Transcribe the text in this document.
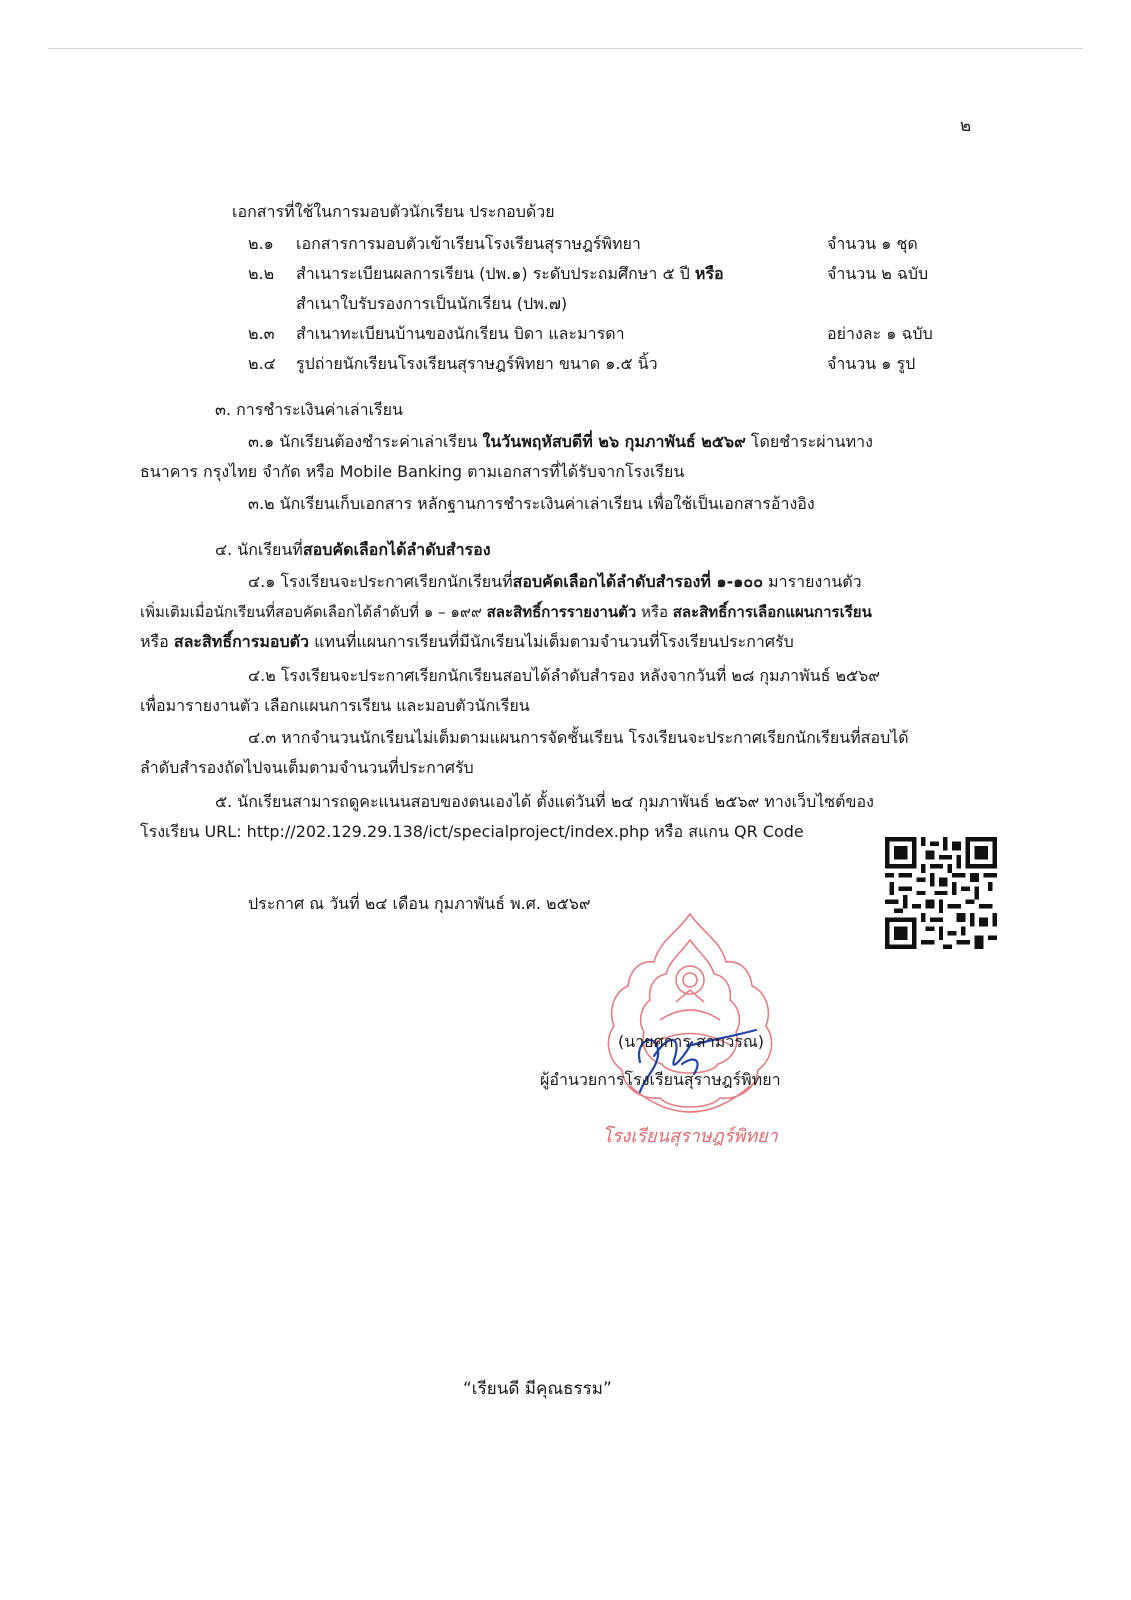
๒
เอกสารที่ใช้ในการมอบตัวนักเรียน ประกอบด้วย
๒.๑ เอกสารการมอบตัวเข้าเรียนโรงเรียนสุราษฎร์พิทยา	จำนวน ๑ ชุด
๒.๒ สำเนาระเบียนผลการเรียน (ปพ.๑) ระดับประถมศึกษา ๕ ปี หรือ	จำนวน ๒ ฉบับ
สำเนาใบรับรองการเป็นนักเรียน (ปพ.๗)
๒.๓ สำเนาทะเบียนบ้านของนักเรียน บิดา และมารดา	อย่างละ ๑ ฉบับ
๒.๔ รูปถ่ายนักเรียนโรงเรียนสุราษฎร์พิทยา ขนาด ๑.๕ นิ้ว	จำนวน ๑ รูป
๓. การชำระเงินค่าเล่าเรียน
๓.๑ นักเรียนต้องชำระค่าเล่าเรียน ในวันพฤหัสบดีที่ ๒๖ กุมภาพันธ์ ๒๕๖๙ โดยชำระผ่านทาง
ธนาคาร กรุงไทย จำกัด หรือ Mobile Banking ตามเอกสารที่ได้รับจากโรงเรียน
๓.๒ นักเรียนเก็บเอกสาร หลักฐานการชำระเงินค่าเล่าเรียน เพื่อใช้เป็นเอกสารอ้างอิง
๔. นักเรียนที่สอบคัดเลือกได้ลำดับสำรอง
๔.๑ โรงเรียนจะประกาศเรียกนักเรียนที่สอบคัดเลือกได้ลำดับสำรองที่ ๑-๑๐๐ มารายงานตัว
เพิ่มเติมเมื่อนักเรียนที่สอบคัดเลือกได้ลำดับที่ ๑ – ๑๙๙ สละสิทธิ์การรายงานตัว หรือ สละสิทธิ์การเลือกแผนการเรียน
หรือ สละสิทธิ์การมอบตัว แทนที่แผนการเรียนที่มีนักเรียนไม่เต็มตามจำนวนที่โรงเรียนประกาศรับ
๔.๒ โรงเรียนจะประกาศเรียกนักเรียนสอบได้ลำดับสำรอง หลังจากวันที่ ๒๘ กุมภาพันธ์ ๒๕๖๙
เพื่อมารายงานตัว เลือกแผนการเรียน และมอบตัวนักเรียน
๔.๓ หากจำนวนนักเรียนไม่เต็มตามแผนการจัดชั้นเรียน โรงเรียนจะประกาศเรียกนักเรียนที่สอบได้
ลำดับสำรองถัดไปจนเต็มตามจำนวนที่ประกาศรับ
๕. นักเรียนสามารถดูคะแนนสอบของตนเองได้ ตั้งแต่วันที่ ๒๔ กุมภาพันธ์ ๒๕๖๙ ทางเว็บไซต์ของ
โรงเรียน URL: http://202.129.29.138/ict/specialproject/index.php หรือ สแกน QR Code
ประกาศ ณ วันที่ ๒๔ เดือน กุมภาพันธ์ พ.ศ. ๒๕๖๙
โรงเรียนสุราษฎร์พิทยา
(นายศการ สามวรณ)
ผู้อำนวยการโรงเรียนสุราษฎร์พิทยา
“เรียนดี มีคุณธรรม”
